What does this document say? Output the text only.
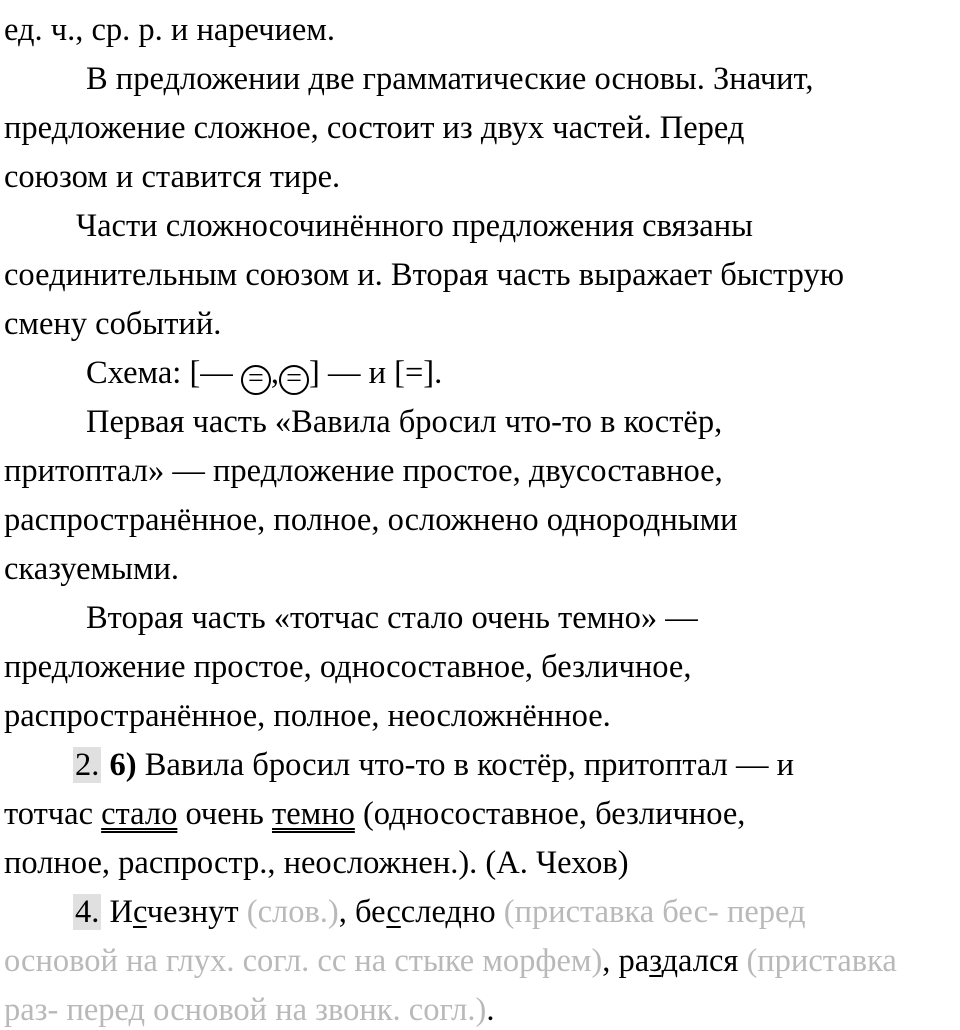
ед. ч., ср. р. и наречием.
В предложении две грамматические основы. Значит,
предложение сложное, состоит из двух частей. Перед
союзом и ставится тире.
Части сложносочинённого предложения связаны
соединительным союзом и. Вторая часть выражает быструю
смену событий.
Схема: [— = , = ] — и [=].
Первая часть «Вавила бросил что-то в костёр,
притоптал» — предложение простое, двусоставное,
распространённое, полное, осложнено однородными
сказуемыми.
Вторая часть «тотчас стало очень темно» —
предложение простое, односоставное, безличное,
распространённое, полное, неосложнённое.
2. 6) Вавила бросил что-то в костёр, притоптал — и
тотчас стало очень темно (односоставное, безличное,
полное, распростр., неосложнен.). (А. Чехов)
4. Исчезнут (слов.), бесследно (приставка бес- перед
основой на глух. согл. сс на стыке морфем), раздался (приставка
раз- перед основой на звонк. согл.).
